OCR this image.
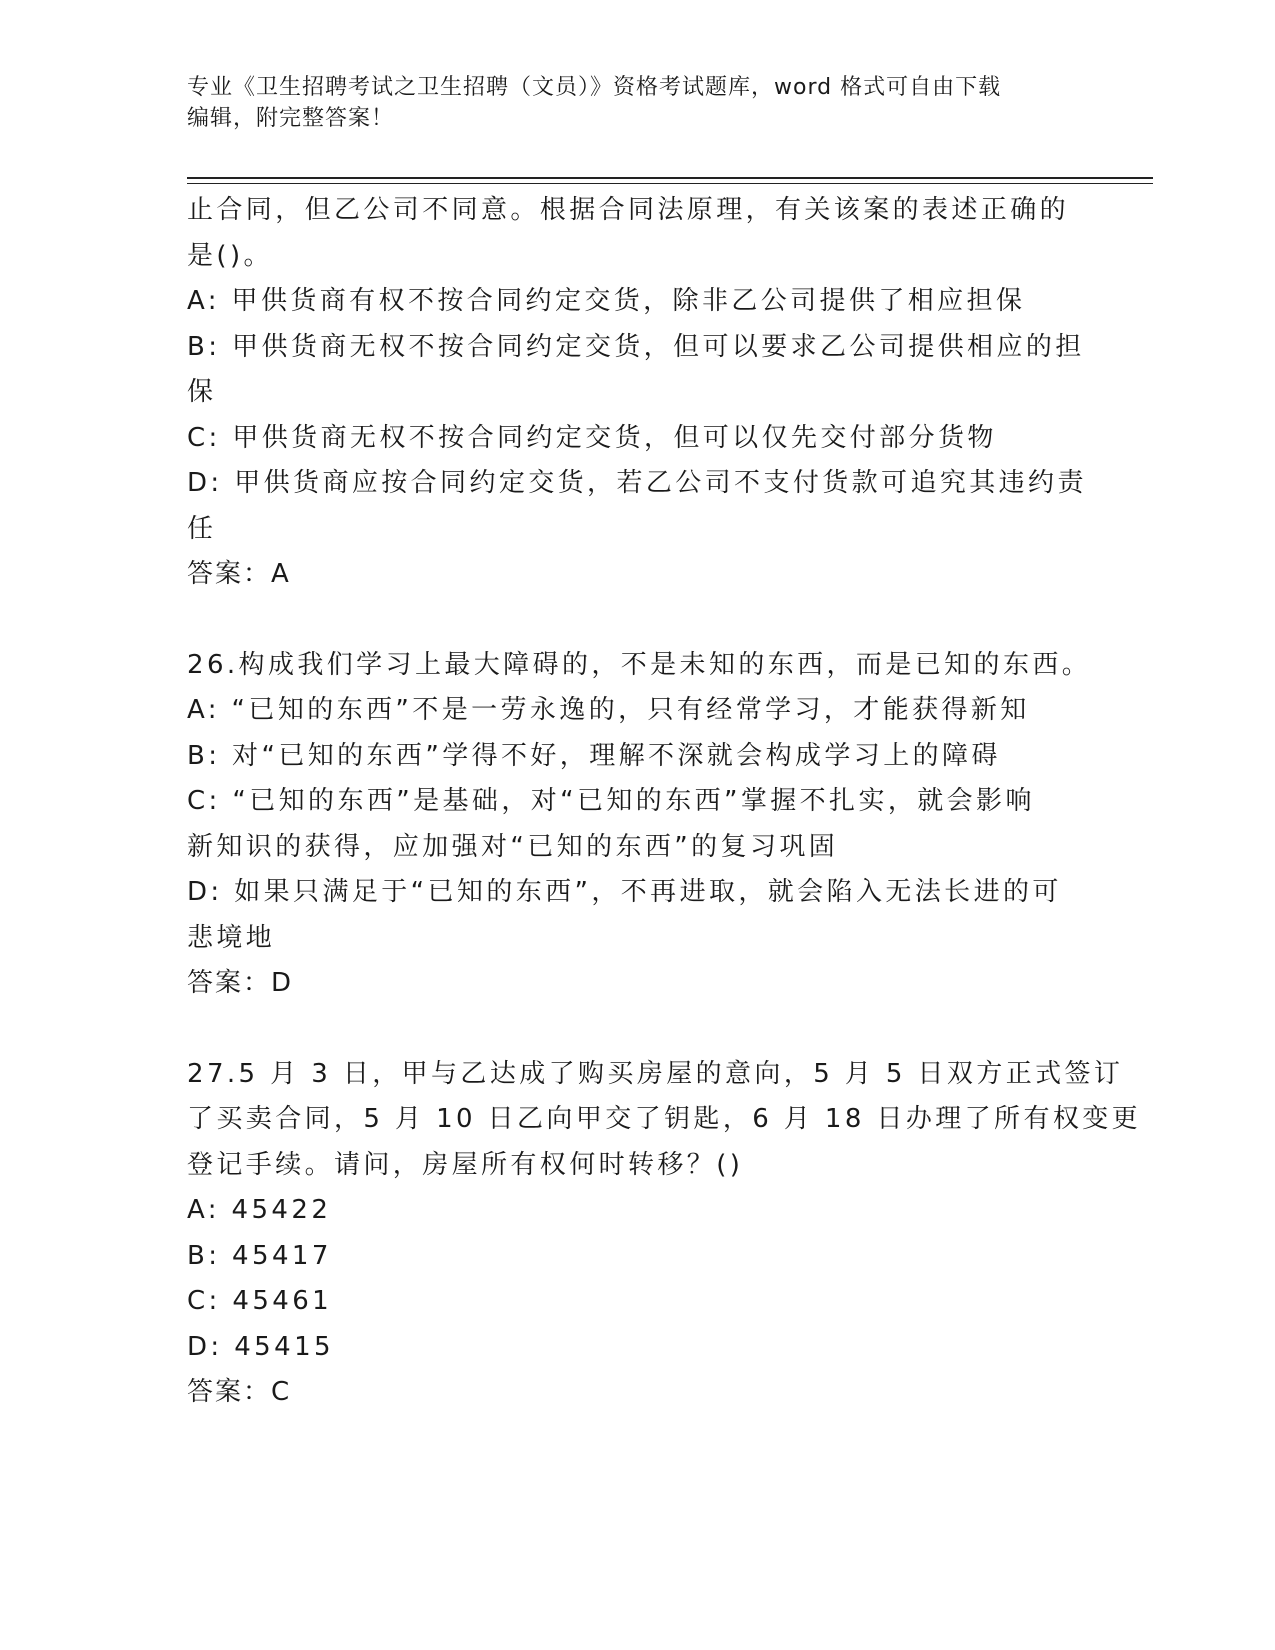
专业《卫生招聘考试之卫生招聘（文员）》资格考试题库，word 格式可自由下载
编辑，附完整答案！
止合同，但乙公司不同意。根据合同法原理，有关该案的表述正确的
是()。
A: 甲供货商有权不按合同约定交货，除非乙公司提供了相应担保
B: 甲供货商无权不按合同约定交货，但可以要求乙公司提供相应的担
保
C: 甲供货商无权不按合同约定交货，但可以仅先交付部分货物
D: 甲供货商应按合同约定交货，若乙公司不支付货款可追究其违约责
任
答案：A
26.构成我们学习上最大障碍的，不是未知的东西，而是已知的东西。
A: “已知的东西”不是一劳永逸的，只有经常学习，才能获得新知
B: 对“已知的东西”学得不好，理解不深就会构成学习上的障碍
C: “已知的东西”是基础，对“已知的东西”掌握不扎实，就会影响
新知识的获得，应加强对“已知的东西”的复习巩固
D: 如果只满足于“已知的东西”，不再进取，就会陷入无法长进的可
悲境地
答案：D
27.5 月 3 日，甲与乙达成了购买房屋的意向，5 月 5 日双方正式签订
了买卖合同，5 月 10 日乙向甲交了钥匙，6 月 18 日办理了所有权变更
登记手续。请问，房屋所有权何时转移？()
A: 45422
B: 45417
C: 45461
D: 45415
答案：C
